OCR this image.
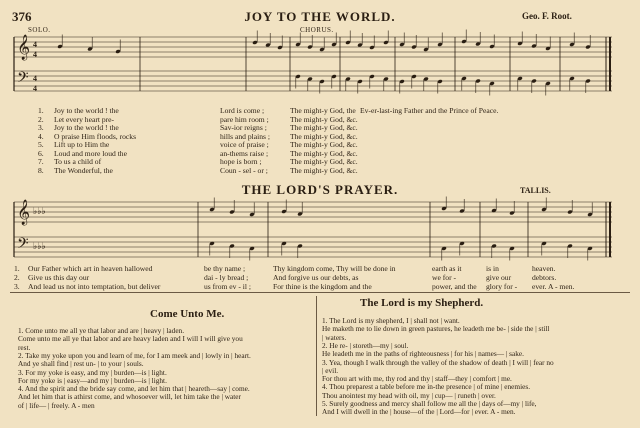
𝄞
𝄢
4
4
4
4
𝄞
𝄢
♭♭♭
♭♭♭
376	JOY TO THE WORLD.	Geo. F. Root.
SOLO.	CHORUS.
1. Joy to the world ! the	Lord is come ;	The might-y God, the Ev-er-last-ing Father and the Prince of Peace.
2. Let every heart pre-	pare him room ;	The might-y God, &c.
3. Joy to the world ! the	Sav-ior reigns ;	The might-y God, &c.
4. O praise Him floods, rocks	hills and plains ;	The might-y God, &c.
5. Lift up to Him the	voice of praise ;	The might-y God, &c.
6. Loud and more loud the	an-thems raise ;	The might-y God, &c.
7. To us a child of	hope is born ;	The might-y God, &c.
8. The Wonderful, the	Coun - sel - or ;	The might-y God, &c.
THE LORD'S PRAYER.	TALLIS.
1. Our Father which art in heaven hallowed	be thy name ;	Thy kingdom come, Thy will be done in	earth as it	is in	heaven.
2. Give us this day our	dai - ly bread ;	And forgive us our debts, as	we for -	give our	debtors.
3. And lead us not into temptation, but deliver	us from ev - il ;	For thine is the kingdom and the	power, and the glory for - ever. A - men.
Come Unto Me.
1. Come unto me all ye that labor and are | heavy | laden.
Come unto me all ye that labor and are heavy laden and I will I will give you
rest.
2. Take my yoke upon you and learn of me, for I am meek and | lowly in | heart.
And ye shall find | rest un- | to your | souls.
3. For my yoke is easy, and my | burden—is | light.
For my yoke is | easy—and my | burden—is | light.
4. And the spirit and the bride say come, and let him that | heareth—say | come.
And let him that is athirst come, and whosoever will, let him take the | water
of | life— | freely. A - men
The Lord is my Shepherd.
1. The Lord is my shepherd, I | shall not | want.
He maketh me to lie down in green pastures, he leadeth me be- | side the | still
| waters.
2. He re- | storeth—my | soul.
He leadeth me in the paths of righteousness | for his | names— | sake.
3. Yea, though I walk through the valley of the shadow of death | I will | fear no
| evil.
For thou art with me, thy rod and thy | staff—they | comfort | me.
4. Thou preparest a table before me in-the presence | of mine | enemies.
Thou anointest my head with oil, my | cup— | runeth | over.
5. Surely goodness and mercy shall follow me all the | days of—my | life,
And I will dwell in the | house—of the | Lord—for | ever. A - men.
